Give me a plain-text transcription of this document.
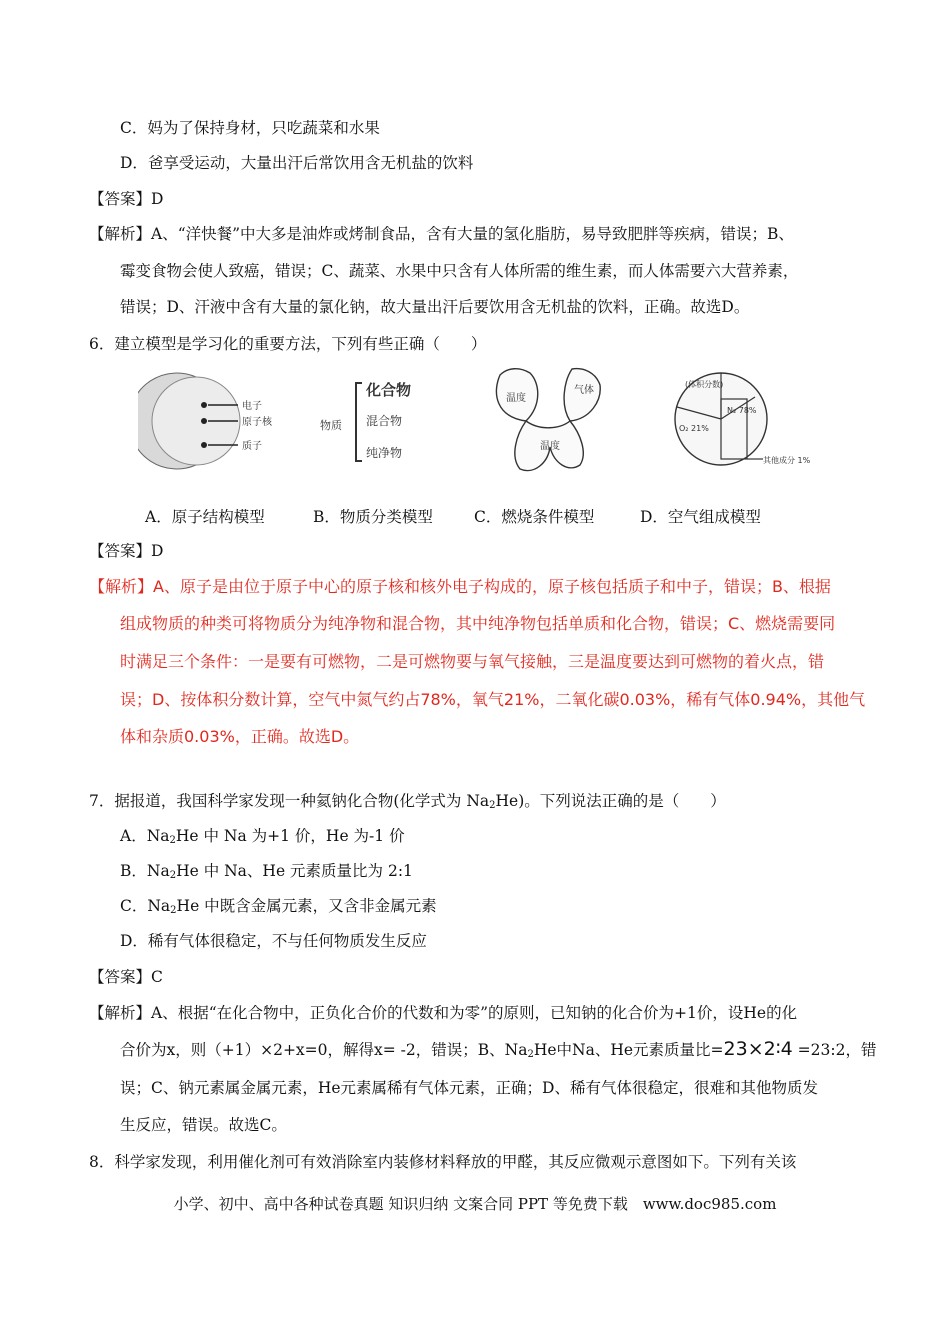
C．妈为了保持身材，只吃蔬菜和水果
D．爸享受运动，大量出汗后常饮用含无机盐的饮料
【答案】D
【解析】A、“洋快餐”中大多是油炸或烤制食品，含有大量的氢化脂肪，易导致肥胖等疾病，错误；B、
霉变食物会使人致癌，错误；C、蔬菜、水果中只含有人体所需的维生素，而人体需要六大营养素，
错误；D、汗液中含有大量的氯化钠，故大量出汗后要饮用含无机盐的饮料，正确。故选D。
6．建立模型是学习化的重要方法，下列有些正确（　　）
电子
原子核
质子
物质
化合物
混合物
纯净物
温度
气体
温度
(体积分数)
N₂ 78%
O₂ 21%
其他成分 1%
A．原子结构模型	B．物质分类模型	C．燃烧条件模型	D．空气组成模型
【答案】D
【解析】A、原子是由位于原子中心的原子核和核外电子构成的，原子核包括质子和中子，错误；B、根据
组成物质的种类可将物质分为纯净物和混合物，其中纯净物包括单质和化合物，错误；C、燃烧需要同
时满足三个条件：一是要有可燃物，二是可燃物要与氧气接触，三是温度要达到可燃物的着火点，错
误；D、按体积分数计算，空气中氮气约占78%，氧气21%，二氧化碳0.03%，稀有气体0.94%，其他气
体和杂质0.03%，正确。故选D。
7．据报道，我国科学家发现一种氦钠化合物(化学式为 $Na_2He$)。下列说法正确的是（　　）
A．$Na_2He$ 中 Na 为+1 价，He 为-1 价
B．$Na_2He$ 中 Na、He 元素质量比为 2:1
C．$Na_2He$ 中既含金属元素，又含非金属元素
D．稀有气体很稳定，不与任何物质发生反应
【答案】C
【解析】A、根据“在化合物中，正负化合价的代数和为零”的原则，已知钠的化合价为+1价，设He的化
合价为x，则（+1）×2+x=0，解得x= -2，错误；B、$Na_2He$中Na、He元素质量比=23×2∶4 =23:2，错
误；C、钠元素属金属元素，He元素属稀有气体元素，正确；D、稀有气体很稳定，很难和其他物质发
生反应，错误。故选C。
8．科学家发现，利用催化剂可有效消除室内装修材料释放的甲醛，其反应微观示意图如下。下列有关该
小学、初中、高中各种试卷真题 知识归纳 文案合同 PPT 等免费下载　www.doc985.com
